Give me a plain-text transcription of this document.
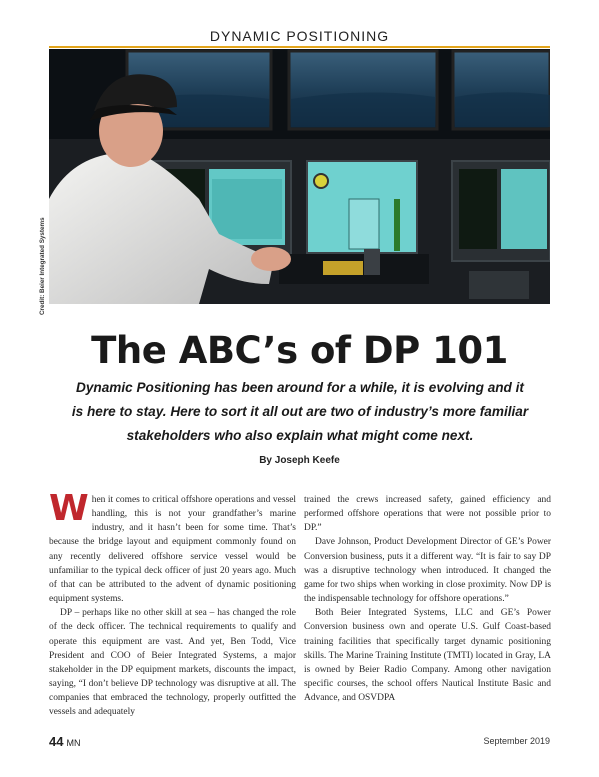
DYNAMIC POSITIONING
Credit: Beier Integrated Systems
The ABC’s of DP 101
Dynamic Positioning has been around for a while, it is evolving and it is here to stay. Here to sort it all out are two of industry’s more familiar stakeholders who also explain what might come next.
By Joseph Keefe

When it comes to critical offshore operations and vessel handling, this is not your grandfather’s marine industry, and it hasn’t been for some time. That’s because the bridge layout and equipment commonly found on any recently delivered offshore service vessel would be unfamiliar to the typical deck officer of just 20 years ago. Much of that can be attributed to the advent of dynamic positioning equipment systems.

DP – perhaps like no other skill at sea – has changed the role of the deck officer. The technical requirements to qualify and operate this equipment are vast. And yet, Ben Todd, Vice President and COO of Beier Integrated Systems, a major stakeholder in the DP equipment markets, discounts the impact, saying, “I don’t believe DP technology was disruptive at all. The companies that embraced the technology, properly outfitted the vessels and adequately

trained the crews increased safety, gained efficiency and performed offshore operations that were not possible prior to DP.”

Dave Johnson, Product Development Director of GE’s Power Conversion business, puts it a different way. “It is fair to say DP was a disruptive technology when introduced. It changed the game for two ships when working in close proximity. Now DP is the indispensable technology for offshore operations.”

Both Beier Integrated Systems, LLC and GE’s Power Conversion business own and operate U.S. Gulf Coast-based training facilities that specifically target dynamic positioning skills. The Marine Training Institute (TMTI) located in Gray, LA is owned by Beier Radio Company. Among other navigation specific courses, the school offers Nautical Institute Basic and Advance, and OSVDPA

44 MN	September 2019
